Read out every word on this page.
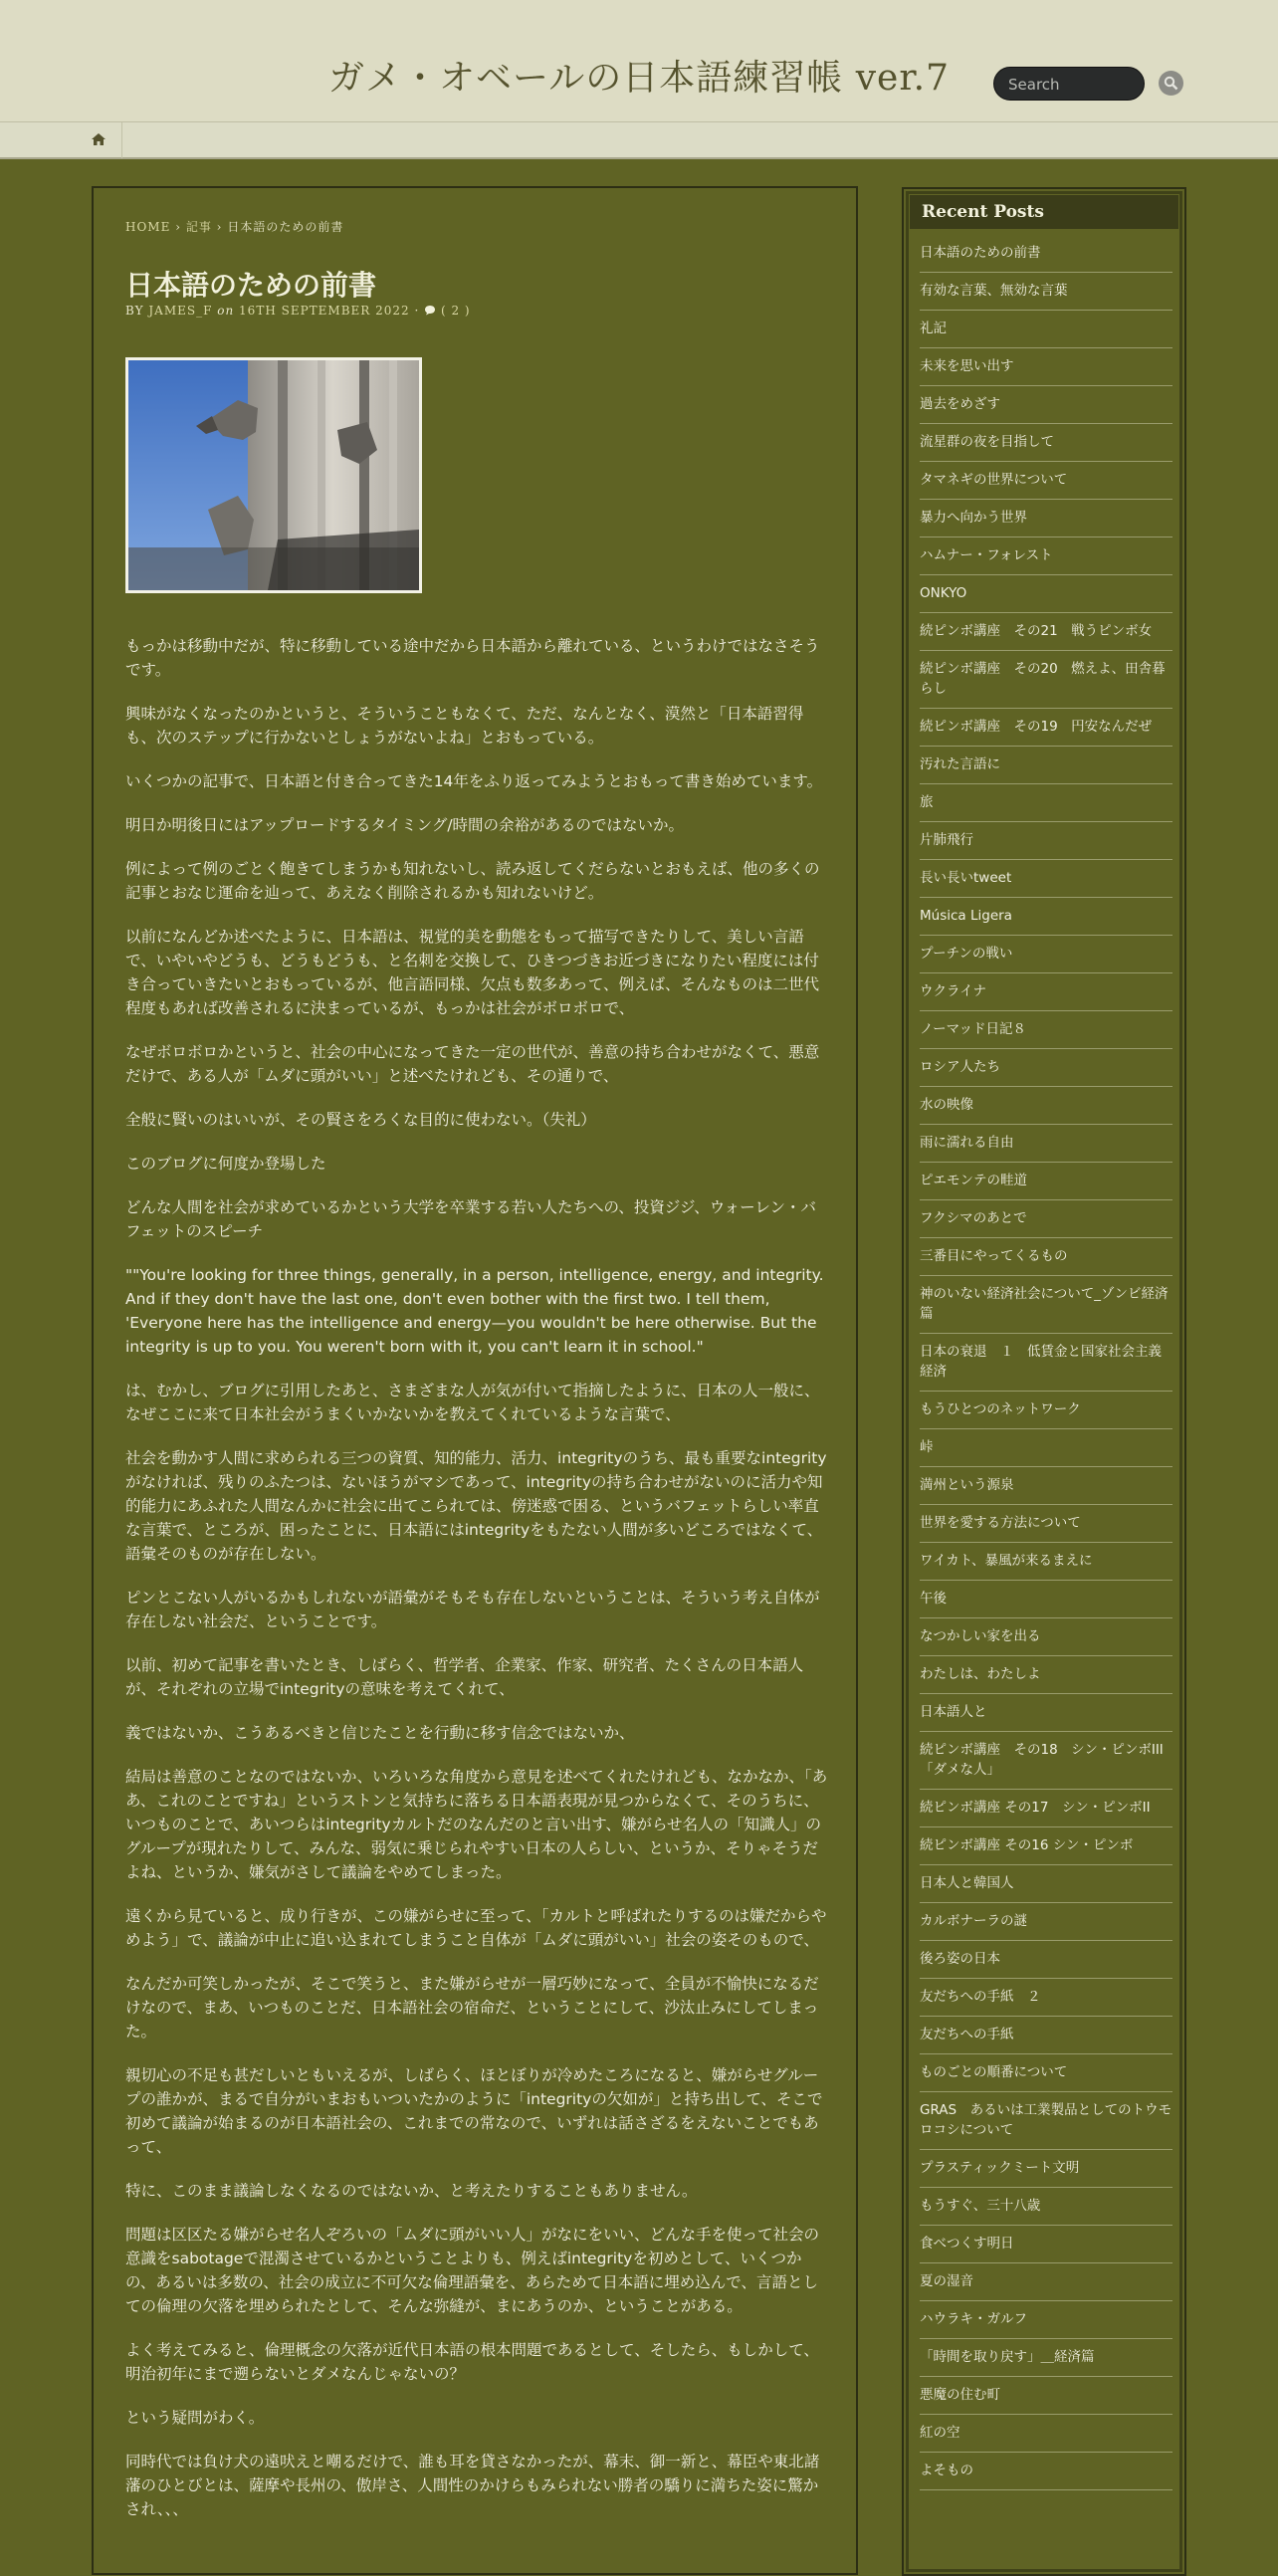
ガメ・オベールの日本語練習帳 ver.7	Search
HOME › 記事 › 日本語のための前書
日本語のための前書
BY JAMES_F on 16TH SEPTEMBER 2022 · ( 2 )

もっかは移動中だが、特に移動している途中だから日本語から離れている、というわけではなさそうです。

興味がなくなったのかというと、そういうこともなくて、ただ、なんとなく、漠然と「日本語習得も、次のステップに行かないとしょうがないよね」とおもっている。

いくつかの記事で、日本語と付き合ってきた14年をふり返ってみようとおもって書き始めています。

明日か明後日にはアップロードするタイミング/時間の余裕があるのではないか。

例によって例のごとく飽きてしまうかも知れないし、読み返してくだらないとおもえば、他の多くの記事とおなじ運命を辿って、あえなく削除されるかも知れないけど。

以前になんどか述べたように、日本語は、視覚的美を動態をもって描写できたりして、美しい言語で、いやいやどうも、どうもどうも、と名刺を交換して、ひきつづきお近づきになりたい程度には付き合っていきたいとおもっているが、他言語同様、欠点も数多あって、例えば、そんなものは二世代程度もあれば改善されるに決まっているが、もっかは社会がボロボロで、

なぜボロボロかというと、社会の中心になってきた一定の世代が、善意の持ち合わせがなくて、悪意だけで、ある人が「ムダに頭がいい」と述べたけれども、その通りで、

全般に賢いのはいいが、その賢さをろくな目的に使わない。（失礼）

このブログに何度か登場した

どんな人間を社会が求めているかという大学を卒業する若い人たちへの、投資ジジ、ウォーレン・バフェットのスピーチ

""You're looking for three things, generally, in a person, intelligence, energy, and integrity. And if they don't have the last one, don't even bother with the first two. I tell them, 'Everyone here has the intelligence and energy—you wouldn't be here otherwise. But the integrity is up to you. You weren't born with it, you can't learn it in school."

は、むかし、ブログに引用したあと、さまざまな人が気が付いて指摘したように、日本の人一般に、なぜここに来て日本社会がうまくいかないかを教えてくれているような言葉で、

社会を動かす人間に求められる三つの資質、知的能力、活力、integrityのうち、最も重要なintegrityがなければ、残りのふたつは、ないほうがマシであって、integrityの持ち合わせがないのに活力や知的能力にあふれた人間なんかに社会に出てこられては、傍迷惑で困る、というバフェットらしい率直な言葉で、ところが、困ったことに、日本語にはintegrityをもたない人間が多いどころではなくて、語彙そのものが存在しない。

ピンとこない人がいるかもしれないが語彙がそもそも存在しないということは、そういう考え自体が存在しない社会だ、ということです。

以前、初めて記事を書いたとき、しばらく、哲学者、企業家、作家、研究者、たくさんの日本語人が、それぞれの立場でintegrityの意味を考えてくれて、

義ではないか、こうあるべきと信じたことを行動に移す信念ではないか、

結局は善意のことなのではないか、いろいろな角度から意見を述べてくれたけれども、なかなか、「ああ、これのことですね」というストンと気持ちに落ちる日本語表現が見つからなくて、そのうちに、いつものことで、あいつらはintegrityカルトだのなんだのと言い出す、嫌がらせ名人の「知識人」のグループが現れたりして、みんな、弱気に乗じられやすい日本の人らしい、というか、そりゃそうだよね、というか、嫌気がさして議論をやめてしまった。

遠くから見ていると、成り行きが、この嫌がらせに至って、「カルトと呼ばれたりするのは嫌だからやめよう」で、議論が中止に追い込まれてしまうこと自体が「ムダに頭がいい」社会の姿そのもので、

なんだか可笑しかったが、そこで笑うと、また嫌がらせが一層巧妙になって、全員が不愉快になるだけなので、まあ、いつものことだ、日本語社会の宿命だ、ということにして、沙汰止みにしてしまった。

親切心の不足も甚だしいともいえるが、しばらく、ほとぼりが冷めたころになると、嫌がらせグループの誰かが、まるで自分がいまおもいついたかのように「integrityの欠如が」と持ち出して、そこで初めて議論が始まるのが日本語社会の、これまでの常なので、いずれは話さざるをえないことでもあって、

特に、このまま議論しなくなるのではないか、と考えたりすることもありません。

問題は区区たる嫌がらせ名人ぞろいの「ムダに頭がいい人」がなにをいい、どんな手を使って社会の意識をsabotageで混濁させているかということよりも、例えばintegrityを初めとして、いくつかの、あるいは多数の、社会の成立に不可欠な倫理語彙を、あらためて日本語に埋め込んで、言語としての倫理の欠落を埋められたとして、そんな弥縫が、まにあうのか、ということがある。

よく考えてみると、倫理概念の欠落が近代日本語の根本問題であるとして、そしたら、もしかして、明治初年にまで遡らないとダメなんじゃないの？

という疑問がわく。

同時代では負け犬の遠吠えと嘲るだけで、誰も耳を貸さなかったが、幕末、御一新と、幕臣や東北諸藩のひとびとは、薩摩や長州の、傲岸さ、人間性のかけらもみられない勝者の驕りに満ちた姿に驚かされ、、、

Recent Posts
日本語のための前書
有効な言葉、無効な言葉
礼記
未来を思い出す
過去をめざす
流星群の夜を目指して
タマネギの世界について
暴力へ向かう世界
ハムナー・フォレスト
ONKYO
続ピンボ講座　その21　戦うピンボ女
続ピンボ講座　その20　燃えよ、田舎暮らし
続ピンボ講座　その19　円安なんだぜ
汚れた言語に
旅
片肺飛行
長い長いtweet
Música Ligera
プーチンの戦い
ウクライナ
ノーマッド日記８
ロシア人たち
水の映像
雨に濡れる自由
ピエモンテの畦道
フクシマのあとで
三番目にやってくるもの
神のいない経済社会について_ゾンビ経済篇
日本の衰退　１　低賃金と国家社会主義経済
もうひとつのネットワーク
峠
満州という源泉
世界を愛する方法について
ワイカト、暴風が来るまえに
午後
なつかしい家を出る
わたしは、わたしよ
日本語人と
続ピンボ講座　その18　シン・ピンボIII「ダメな人」
続ピンボ講座 その17　シン・ピンボII
続ピンボ講座 その16 シン・ピンボ
日本人と韓国人
カルボナーラの謎
後ろ姿の日本
友だちへの手紙　２
友だちへの手紙
ものごとの順番について
GRAS　あるいは工業製品としてのトウモロコシについて
プラスティックミート文明
もうすぐ、三十八歳
食べつくす明日
夏の湿音
ハウラキ・ガルフ
「時間を取り戻す」＿経済篇
悪魔の住む町
紅の空
よそもの
